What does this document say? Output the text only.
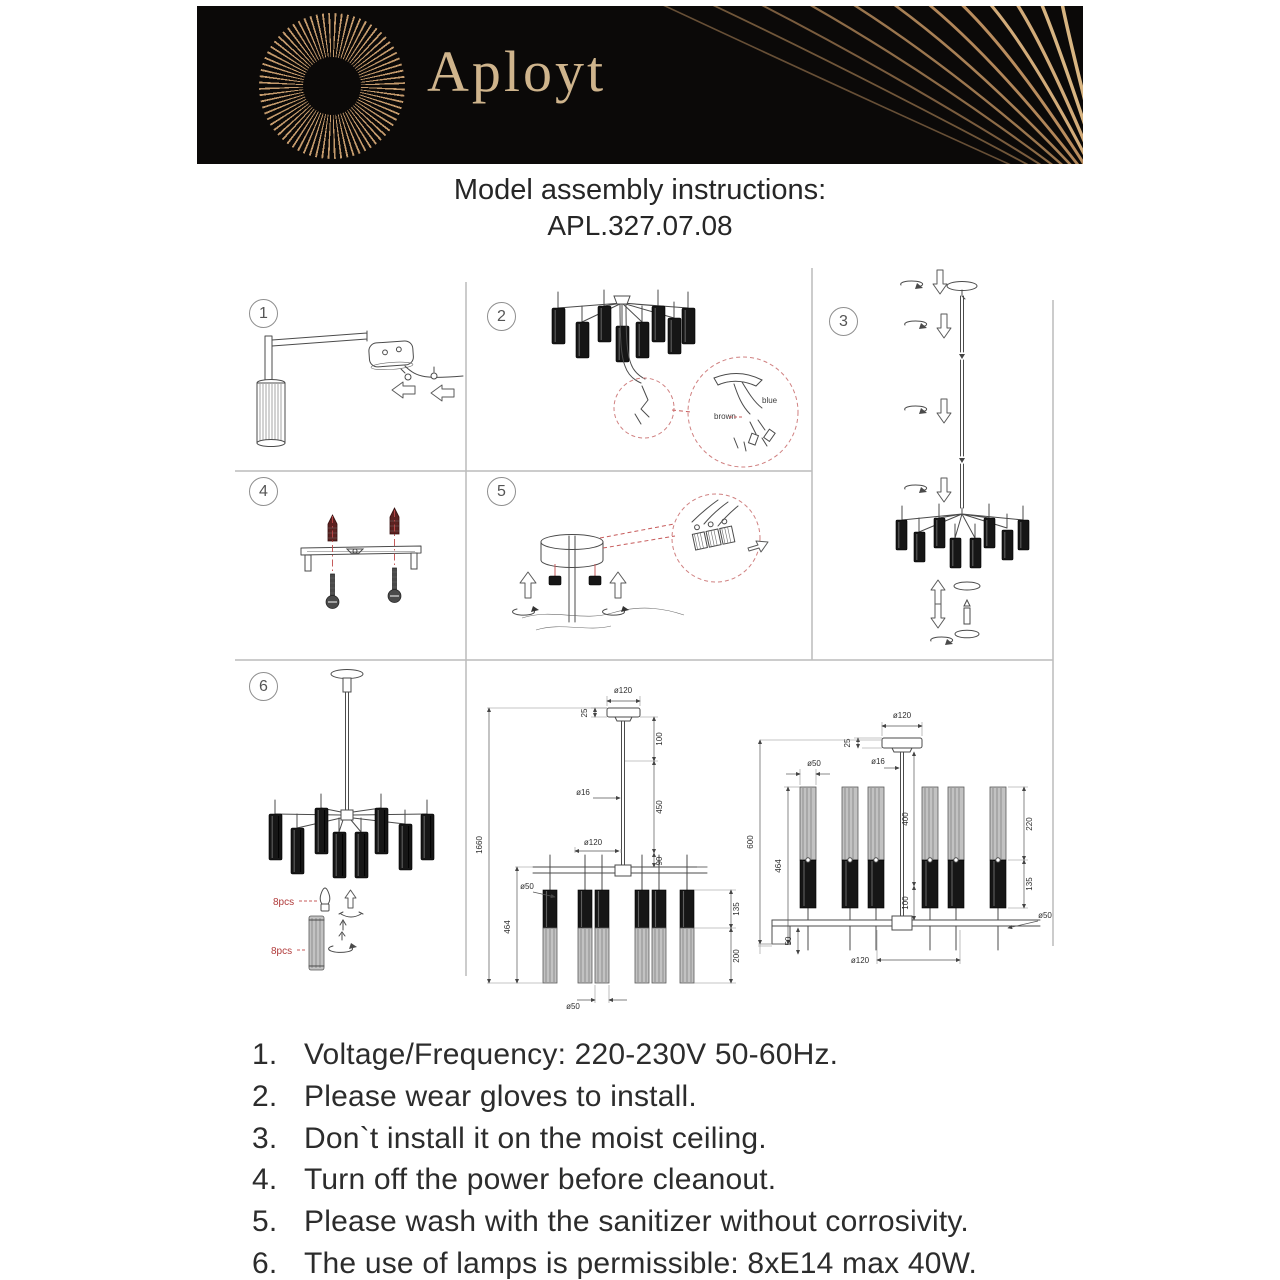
Aployt
Model assembly instructions:
APL.327.07.08
1	2	3
4	5
6
blue
brown
8pcs
8pcs
ø120
25
100
ø16
450
ø120
90
1660
464
ø50
135
200
ø50
25
ø120
ø16
ø50
600
464
400
100
220
135
ø50
ø120
50
1. Voltage/Frequency: 220-230V 50-60Hz.
2. Please wear gloves to install.
3. Don`t install it on the moist ceiling.
4. Turn off the power before cleanout.
5. Please wash with the sanitizer without corrosivity.
6. The use of lamps is permissible: 8xE14 max 40W.
